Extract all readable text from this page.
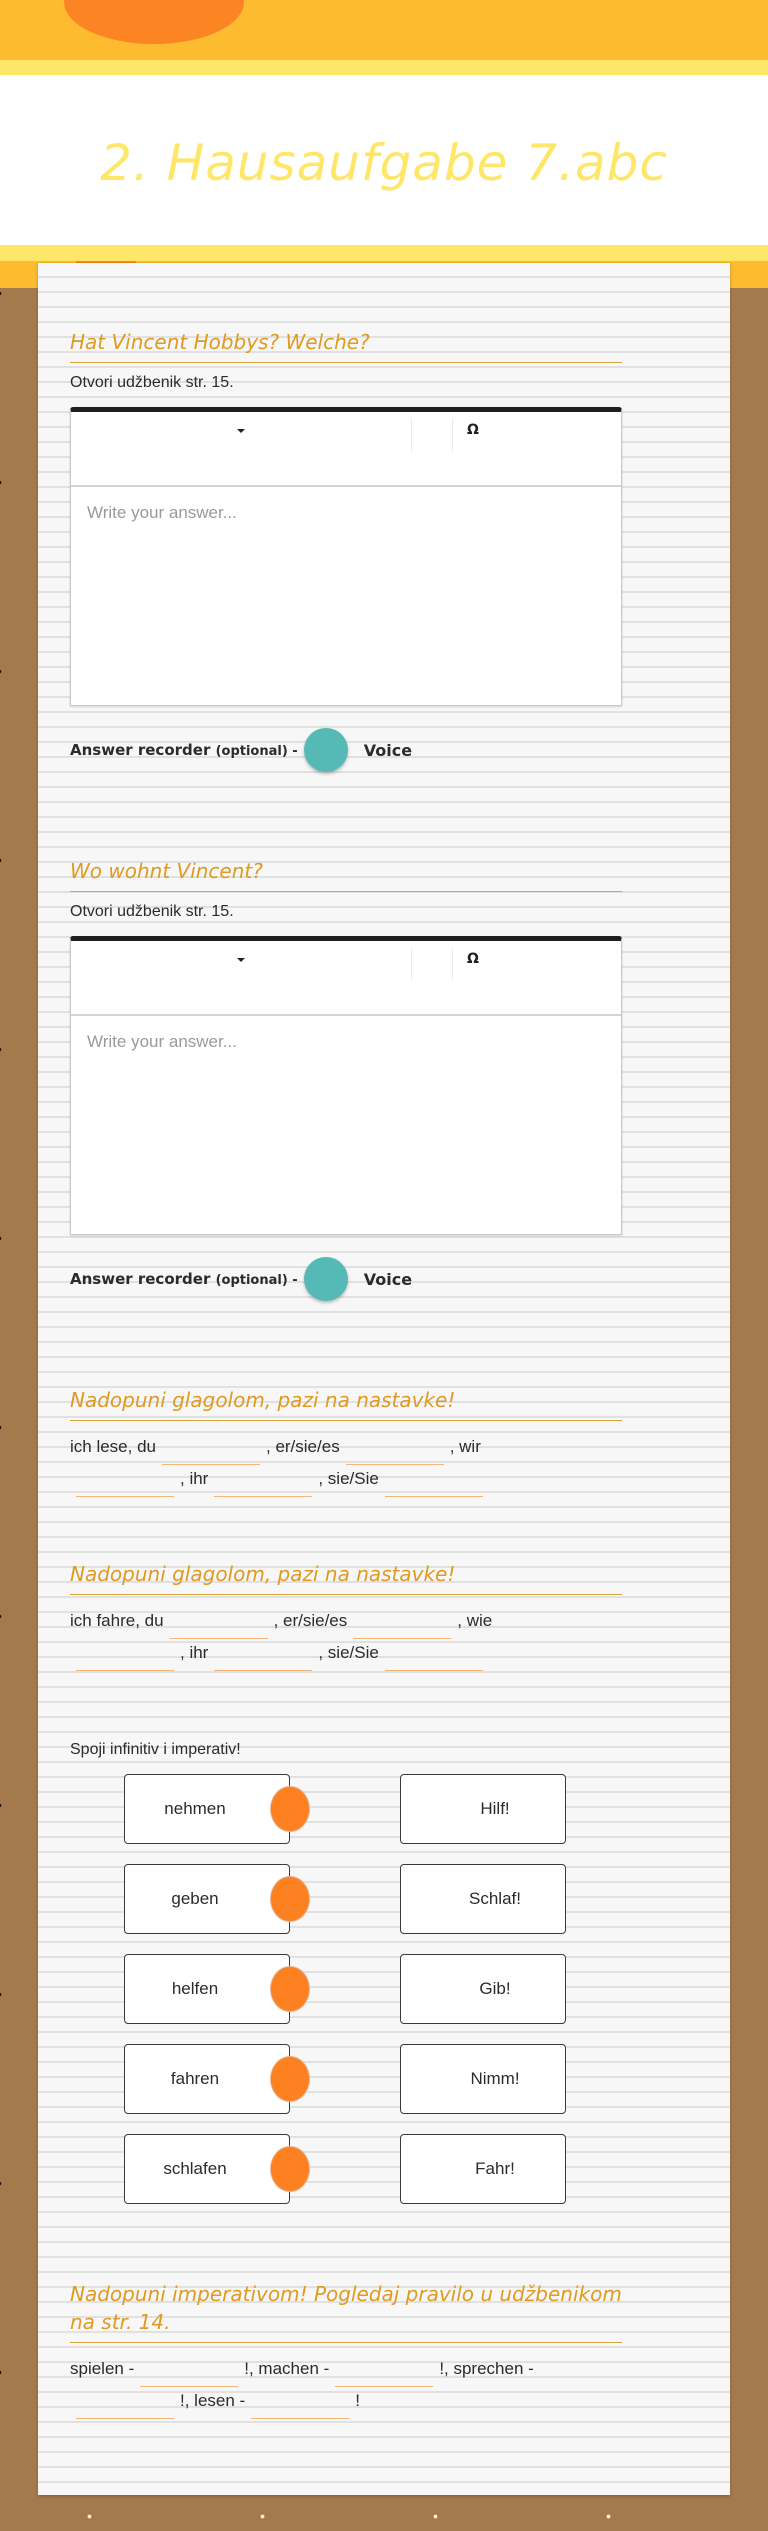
2. Hausaufgabe 7.abc
Hat Vincent Hobbys? Welche?
Otvori udžbenik str. 15.
Ω
Write your answer...
Answer recorder (optional) -	Voice
Wo wohnt Vincent?
Otvori udžbenik str. 15.
Ω
Write your answer...
Answer recorder (optional) -	Voice
Nadopuni glagolom, pazi na nastavke!
ich lese, du	, er/sie/es	, wir
, ihr	, sie/Sie
Nadopuni glagolom, pazi na nastavke!
ich fahre, du	, er/sie/es	, wie
, ihr	, sie/Sie
Spoji infinitiv i imperativ!
nehmen	Hilf!
geben	Schlaf!
helfen	Gib!
fahren	Nimm!
schlafen	Fahr!
Nadopuni imperativom! Pogledaj pravilo u udžbenikom na str. 14.
spielen -	!, machen -	!, sprechen -
!, lesen -	!
